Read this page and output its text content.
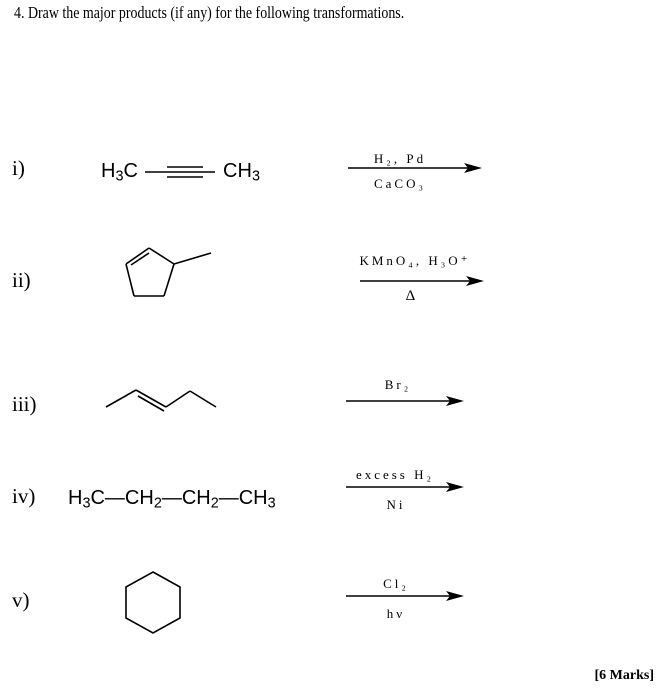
4. Draw the major products (if any) for the following transformations.
i)	$H_3C$	$CH_3$
H₂, Pd
CaCO₃
ii)
KMnO₄, H₃O⁺
Δ
iii)
Br₂
iv) $H_3C—CH_2—CH_2—CH_3$
excess H₂
Ni
v)
Cl₂
hν
[6 Marks]
